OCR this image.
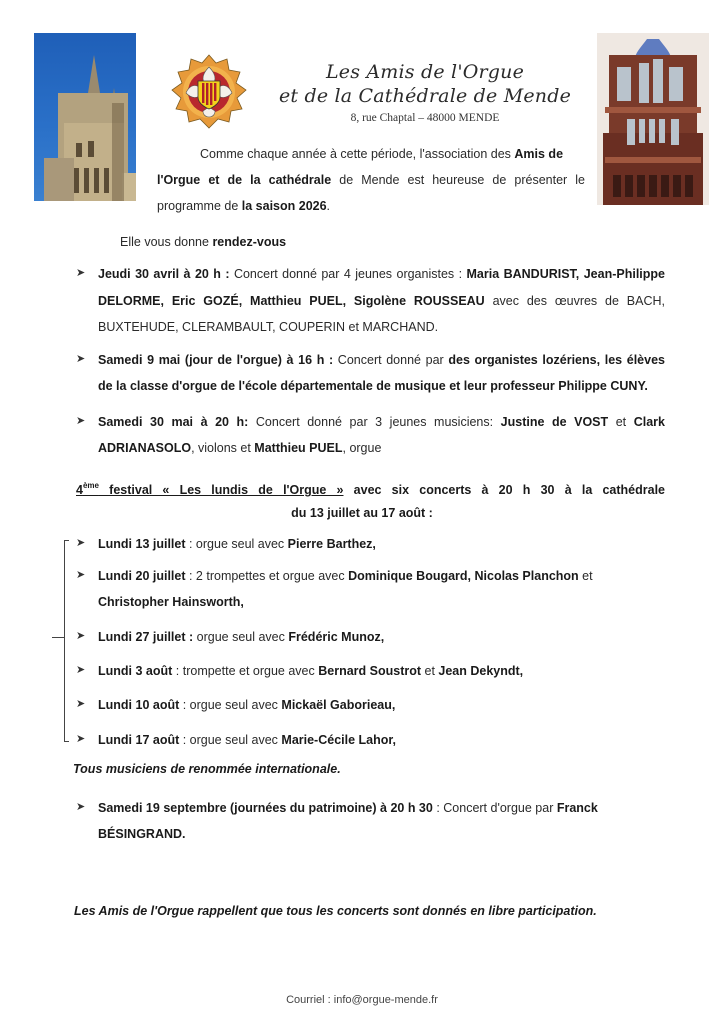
Les Amis de l'Orgue
et de la Cathédrale de Mende
8, rue Chaptal – 48000 MENDE
Comme chaque année à cette période, l'association des Amis de
l'Orgue et de la cathédrale de Mende est heureuse de présenter le
programme de la saison 2026.
Elle vous donne rendez-vous
➤ Jeudi 30 avril à 20 h : Concert donné par 4 jeunes organistes : Maria BANDURIST, Jean-Philippe
DELORME, Eric GOZÉ, Matthieu PUEL, Sigolène ROUSSEAU avec des œuvres de BACH,
BUXTEHUDE, CLERAMBAULT, COUPERIN et MARCHAND.
➤ Samedi 9 mai (jour de l'orgue) à 16 h : Concert donné par des organistes lozériens, les élèves
de la classe d'orgue de l'école départementale de musique et leur professeur Philippe CUNY.
➤ Samedi 30 mai à 20 h: Concert donné par 3 jeunes musiciens: Justine de VOST et Clark
ADRIANASOLO, violons et Matthieu PUEL, orgue
4ème festival « Les lundis de l'Orgue » avec six concerts à 20 h 30 à la cathédrale
du 13 juillet au 17 août :
➤ Lundi 13 juillet : orgue seul avec Pierre Barthez,
➤ Lundi 20 juillet : 2 trompettes et orgue avec Dominique Bougard, Nicolas Planchon et
Christopher Hainsworth,
➤ Lundi 27 juillet : orgue seul avec Frédéric Munoz,
➤ Lundi 3 août : trompette et orgue avec Bernard Soustrot et Jean Dekyndt,
➤ Lundi 10 août : orgue seul avec Mickaël Gaborieau,
➤ Lundi 17 août : orgue seul avec Marie-Cécile Lahor,
Tous musiciens de renommée internationale.
➤ Samedi 19 septembre (journées du patrimoine) à 20 h 30 : Concert d'orgue par Franck
BÉSINGRAND.
Les Amis de l'Orgue rappellent que tous les concerts sont donnés en libre participation.
Courriel : info@orgue-mende.fr
